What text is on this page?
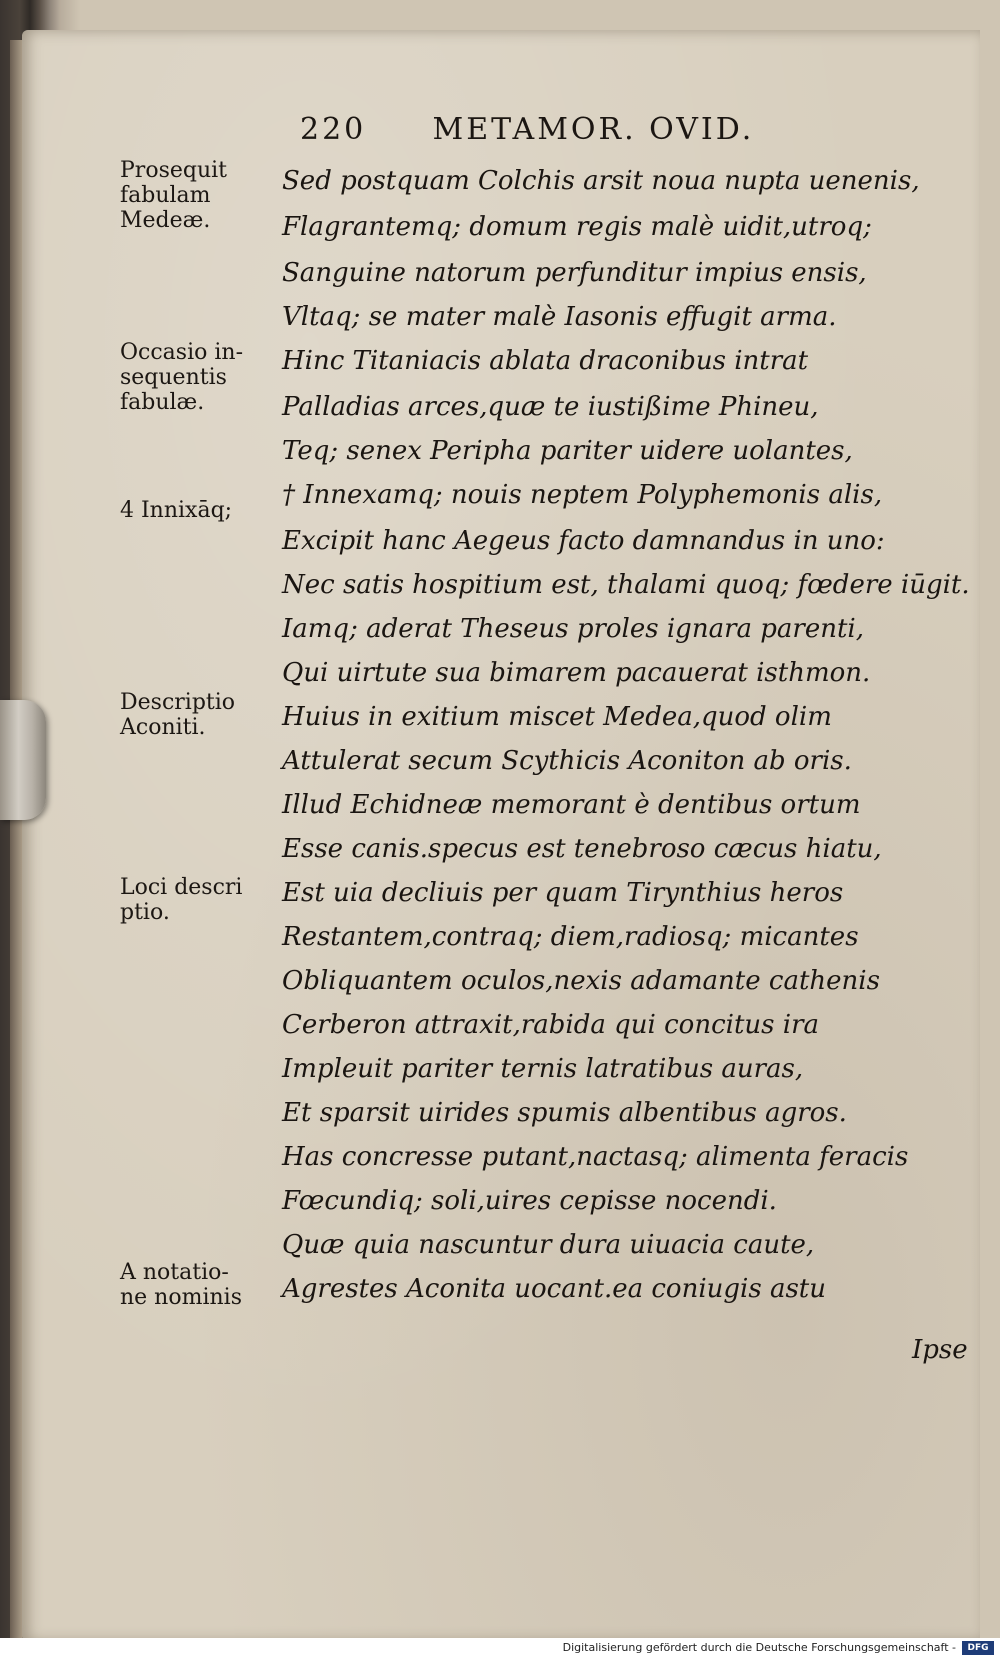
220 METAMOR. OVID.
Prosequit
fabulam
Medeæ.
Occasio in-
sequentis
fabulæ.
4 Innixāq;
Descriptio
Aconiti.
Loci descri
ptio.
A notatio-
ne nominis
Sed postquam Colchis arsit noua nupta uenenis,
Flagrantemq; domum regis malè uidit,utroq;
Sanguine natorum perfunditur impius ensis,
Vltaq; se mater malè Iasonis effugit arma.
Hinc Titaniacis ablata draconibus intrat
Palladias arces,quæ te iustißime Phineu,
Teq; senex Peripha pariter uidere uolantes,
† Innexamq; nouis neptem Polyphemonis alis,
Excipit hanc Aegeus facto damnandus in uno:
Nec satis hospitium est, thalami quoq; fœdere iūgit.
Iamq; aderat Theseus proles ignara parenti,
Qui uirtute sua bimarem pacauerat isthmon.
Huius in exitium miscet Medea,quod olim
Attulerat secum Scythicis Aconiton ab oris.
Illud Echidneæ memorant è dentibus ortum
Esse canis.specus est tenebroso cæcus hiatu,
Est uia decliuis per quam Tirynthius heros
Restantem,contraq; diem,radiosq; micantes
Obliquantem oculos,nexis adamante cathenis
Cerberon attraxit,rabida qui concitus ira
Impleuit pariter ternis latratibus auras,
Et sparsit uirides spumis albentibus agros.
Has concresse putant,nactasq; alimenta feracis
Fœcundiq; soli,uires cepisse nocendi.
Quæ quia nascuntur dura uiuacia caute,
Agrestes Aconita uocant.ea coniugis astu
Ipse
Digitalisierung gefördert durch die Deutsche Forschungsgemeinschaft -	DFG
